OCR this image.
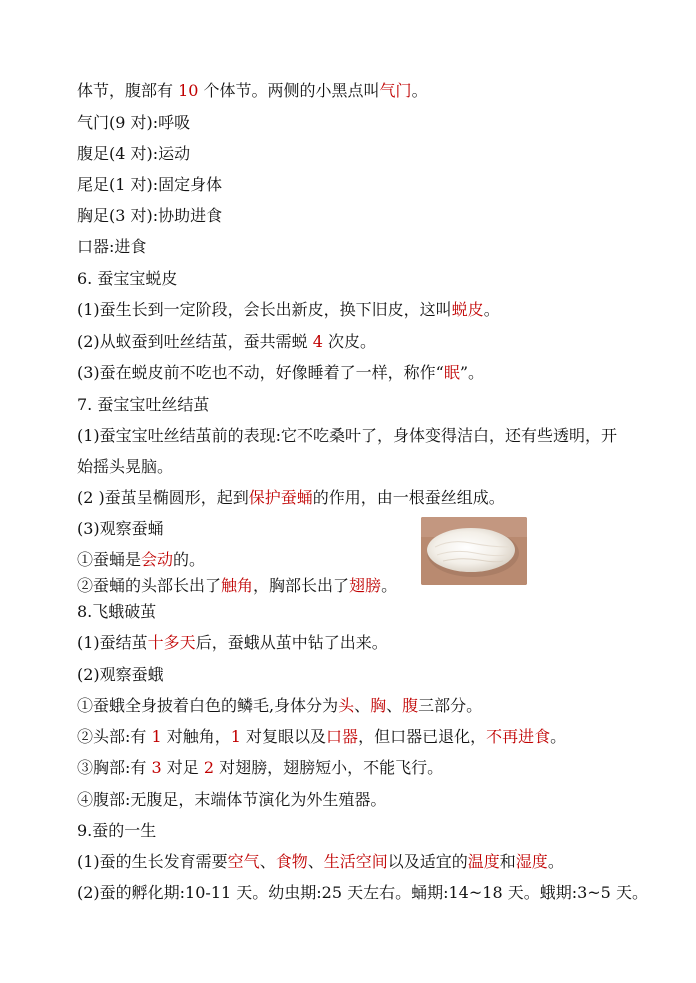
体节，腹部有 10 个体节。两侧的小黑点叫气门。
气门(9 对):呼吸
腹足(4 对):运动
尾足(1 对):固定身体
胸足(3 对):协助进食
口器:进食
6. 蚕宝宝蜕皮
(1)蚕生长到一定阶段，会长出新皮，换下旧皮，这叫蜕皮。
(2)从蚁蚕到吐丝结茧，蚕共需蜕 4 次皮。
(3)蚕在蜕皮前不吃也不动，好像睡着了一样，称作“眠”。
7. 蚕宝宝吐丝结茧
(1)蚕宝宝吐丝结茧前的表现:它不吃桑叶了，身体变得洁白，还有些透明，开
始摇头晃脑。
(2 )蚕茧呈椭圆形，起到保护蚕蛹的作用，由一根蚕丝组成。
(3)观察蚕蛹
①蚕蛹是会动的。
②蚕蛹的头部长出了触角，胸部长出了翅膀。
8.飞蛾破茧
(1)蚕结茧十多天后，蚕蛾从茧中钻了出来。
(2)观察蚕蛾
①蚕蛾全身披着白色的鳞毛,身体分为头、胸、腹三部分。
②头部:有 1 对触角，1 对复眼以及口器，但口器已退化，不再进食。
③胸部:有 3 对足 2 对翅膀，翅膀短小，不能飞行。
④腹部:无腹足，末端体节演化为外生殖器。
9.蚕的一生
(1)蚕的生长发育需要空气、食物、生活空间以及适宜的温度和湿度。
(2)蚕的孵化期:10-11 天。幼虫期:25 天左右。蛹期:14~18 天。蛾期:3~5 天。
